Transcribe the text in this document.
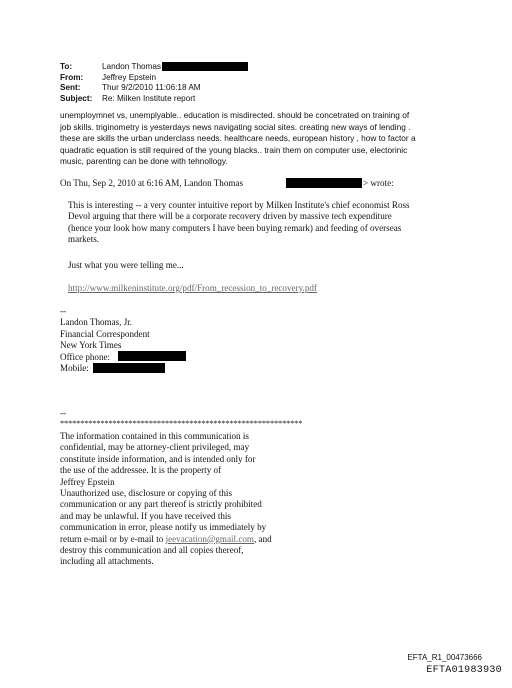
To:	Landon Thomas
From: Jeffrey Epstein
Sent:	Thur 9/2/2010 11:06:18 AM
Subject: Re: Milken Institute report
unemploymnet vs, unemplyable.. education is misdirected. should be concetrated on training of
job skills. triginometry is yesterdays news navigating social sites. creating new ways of lending .
these are skills the urban underclass needs. healthcare needs, european history , how to factor a
quadratic equation is still required of the young blacks.. train them on computer use, electorinic
music, parenting can be done with tehnollogy.
On Thu, Sep 2, 2010 at 6:16 AM, Landon Thomas	> wrote:
This is interesting -- a very counter intuitive report by Milken Institute's chief economist Ross
Devol arguing that there will be a corporate recovery driven by massive tech expenditure
(hence your look how many computers I have been buying remark) and feeding of overseas
markets.
Just what you were telling me...
http://www.milkeninstitute.org/pdf/From_recession_to_recovery.pdf
--
Landon Thomas, Jr.
Financial Correspondent
New York Times
Office phone:
Mobile:
--
************************************************************
The information contained in this communication is
confidential, may be attorney-client privileged, may
constitute inside information, and is intended only for
the use of the addressee. It is the property of
Jeffrey Epstein
Unauthorized use, disclosure or copying of this
communication or any part thereof is strictly prohibited
and may be unlawful. If you have received this
communication in error, please notify us immediately by
return e-mail or by e-mail to jeevacation@gmail.com, and
destroy this communication and all copies thereof,
including all attachments.
EFTA_R1_00473666
EFTA01983930
